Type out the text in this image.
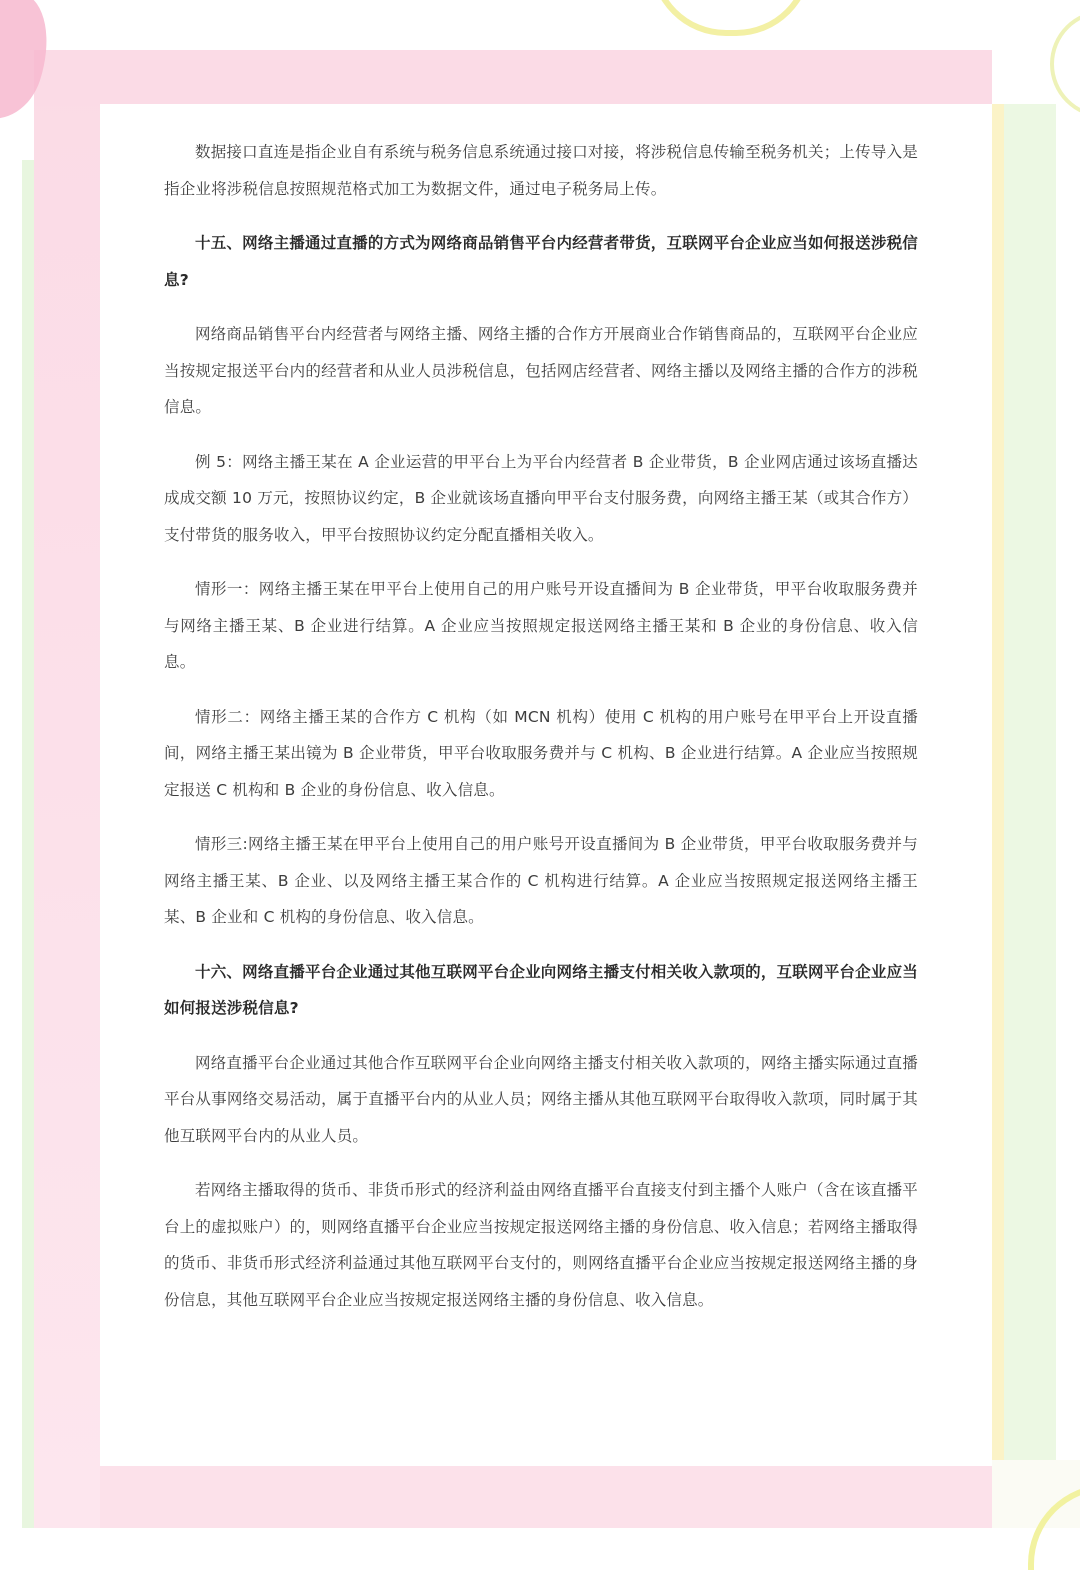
数据接口直连是指企业自有系统与税务信息系统通过接口对接，将涉税信息传输至税务机关；上传导入是指企业将涉税信息按照规范格式加工为数据文件，通过电子税务局上传。

十五、网络主播通过直播的方式为网络商品销售平台内经营者带货，互联网平台企业应当如何报送涉税信息?

网络商品销售平台内经营者与网络主播、网络主播的合作方开展商业合作销售商品的，互联网平台企业应当按规定报送平台内的经营者和从业人员涉税信息，包括网店经营者、网络主播以及网络主播的合作方的涉税信息。

例 5：网络主播王某在 A 企业运营的甲平台上为平台内经营者 B 企业带货，B 企业网店通过该场直播达成成交额 10 万元，按照协议约定，B 企业就该场直播向甲平台支付服务费，向网络主播王某（或其合作方）支付带货的服务收入，甲平台按照协议约定分配直播相关收入。

情形一：网络主播王某在甲平台上使用自己的用户账号开设直播间为 B 企业带货，甲平台收取服务费并与网络主播王某、B 企业进行结算。A 企业应当按照规定报送网络主播王某和 B 企业的身份信息、收入信息。

情形二：网络主播王某的合作方 C 机构（如 MCN 机构）使用 C 机构的用户账号在甲平台上开设直播间，网络主播王某出镜为 B 企业带货，甲平台收取服务费并与 C 机构、B 企业进行结算。A 企业应当按照规定报送 C 机构和 B 企业的身份信息、收入信息。

情形三:网络主播王某在甲平台上使用自己的用户账号开设直播间为 B 企业带货，甲平台收取服务费并与网络主播王某、B 企业、以及网络主播王某合作的 C 机构进行结算。A 企业应当按照规定报送网络主播王某、B 企业和 C 机构的身份信息、收入信息。

十六、网络直播平台企业通过其他互联网平台企业向网络主播支付相关收入款项的，互联网平台企业应当如何报送涉税信息?

网络直播平台企业通过其他合作互联网平台企业向网络主播支付相关收入款项的，网络主播实际通过直播平台从事网络交易活动，属于直播平台内的从业人员；网络主播从其他互联网平台取得收入款项，同时属于其他互联网平台内的从业人员。

若网络主播取得的货币、非货币形式的经济利益由网络直播平台直接支付到主播个人账户（含在该直播平台上的虚拟账户）的，则网络直播平台企业应当按规定报送网络主播的身份信息、收入信息；若网络主播取得的货币、非货币形式经济利益通过其他互联网平台支付的，则网络直播平台企业应当按规定报送网络主播的身份信息，其他互联网平台企业应当按规定报送网络主播的身份信息、收入信息。
